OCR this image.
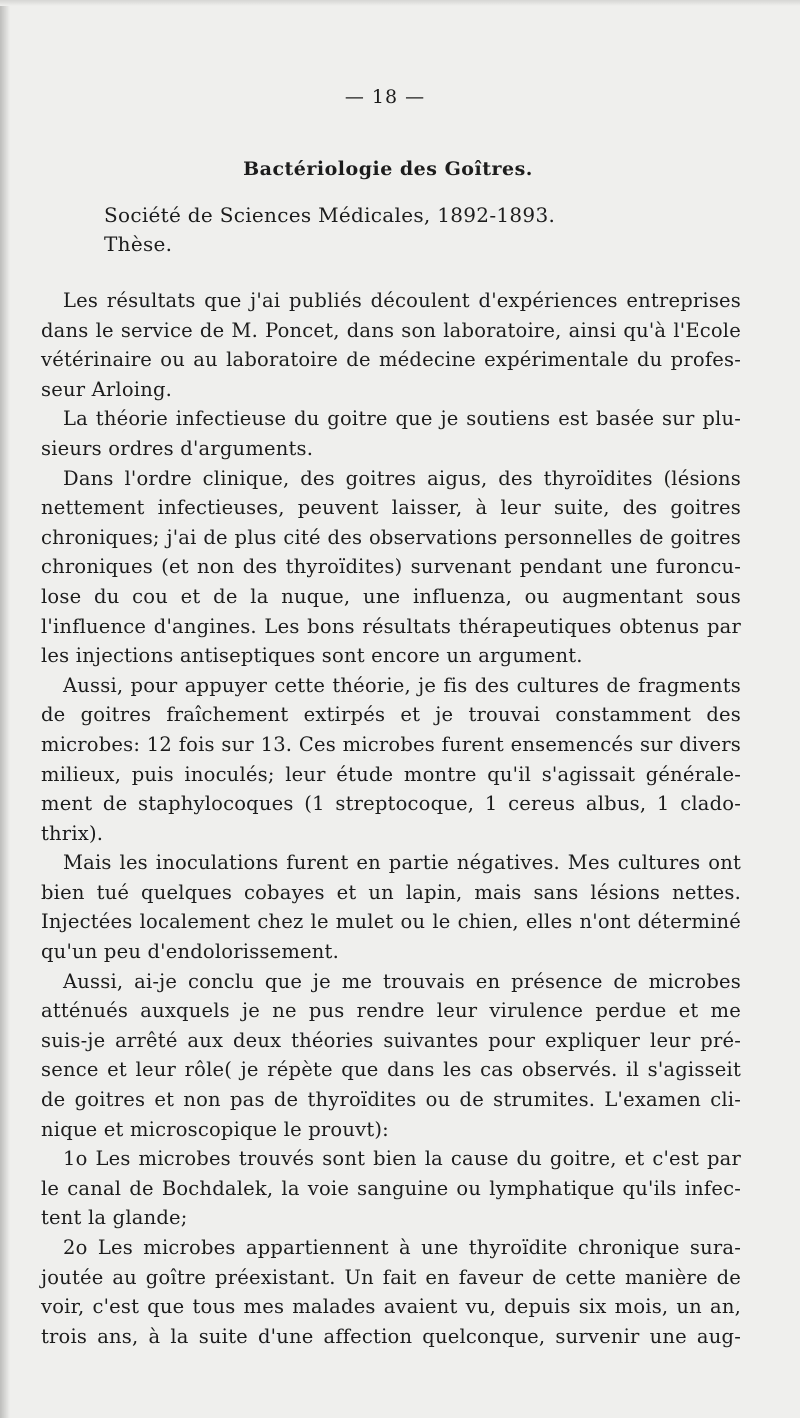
— 18 —
Bactériologie des Goîtres.
Société de Sciences Médicales, 1892-1893.
Thèse.
Les résultats que j'ai publiés découlent d'expériences entreprises
dans le service de M. Poncet, dans son laboratoire, ainsi qu'à l'Ecole
vétérinaire ou au laboratoire de médecine expérimentale du profes-
seur Arloing.
La théorie infectieuse du goitre que je soutiens est basée sur plu-
sieurs ordres d'arguments.
Dans l'ordre clinique, des goitres aigus, des thyroïdites (lésions
nettement infectieuses, peuvent laisser, à leur suite, des goitres
chroniques; j'ai de plus cité des observations personnelles de goitres
chroniques (et non des thyroïdites) survenant pendant une furoncu-
lose du cou et de la nuque, une influenza, ou augmentant sous
l'influence d'angines. Les bons résultats thérapeutiques obtenus par
les injections antiseptiques sont encore un argument.
Aussi, pour appuyer cette théorie, je fis des cultures de fragments
de goitres fraîchement extirpés et je trouvai constamment des
microbes: 12 fois sur 13. Ces microbes furent ensemencés sur divers
milieux, puis inoculés; leur étude montre qu'il s'agissait générale-
ment de staphylocoques (1 streptocoque, 1 cereus albus, 1 clado-
thrix).
Mais les inoculations furent en partie négatives. Mes cultures ont
bien tué quelques cobayes et un lapin, mais sans lésions nettes.
Injectées localement chez le mulet ou le chien, elles n'ont déterminé
qu'un peu d'endolorissement.
Aussi, ai-je conclu que je me trouvais en présence de microbes
atténués auxquels je ne pus rendre leur virulence perdue et me
suis-je arrêté aux deux théories suivantes pour expliquer leur pré-
sence et leur rôle( je répète que dans les cas observés. il s'agisseit
de goitres et non pas de thyroïdites ou de strumites. L'examen cli-
nique et microscopique le prouvt):
1o Les microbes trouvés sont bien la cause du goitre, et c'est par
le canal de Bochdalek, la voie sanguine ou lymphatique qu'ils infec-
tent la glande;
2o Les microbes appartiennent à une thyroïdite chronique sura-
joutée au goître préexistant. Un fait en faveur de cette manière de
voir, c'est que tous mes malades avaient vu, depuis six mois, un an,
trois ans, à la suite d'une affection quelconque, survenir une aug-
